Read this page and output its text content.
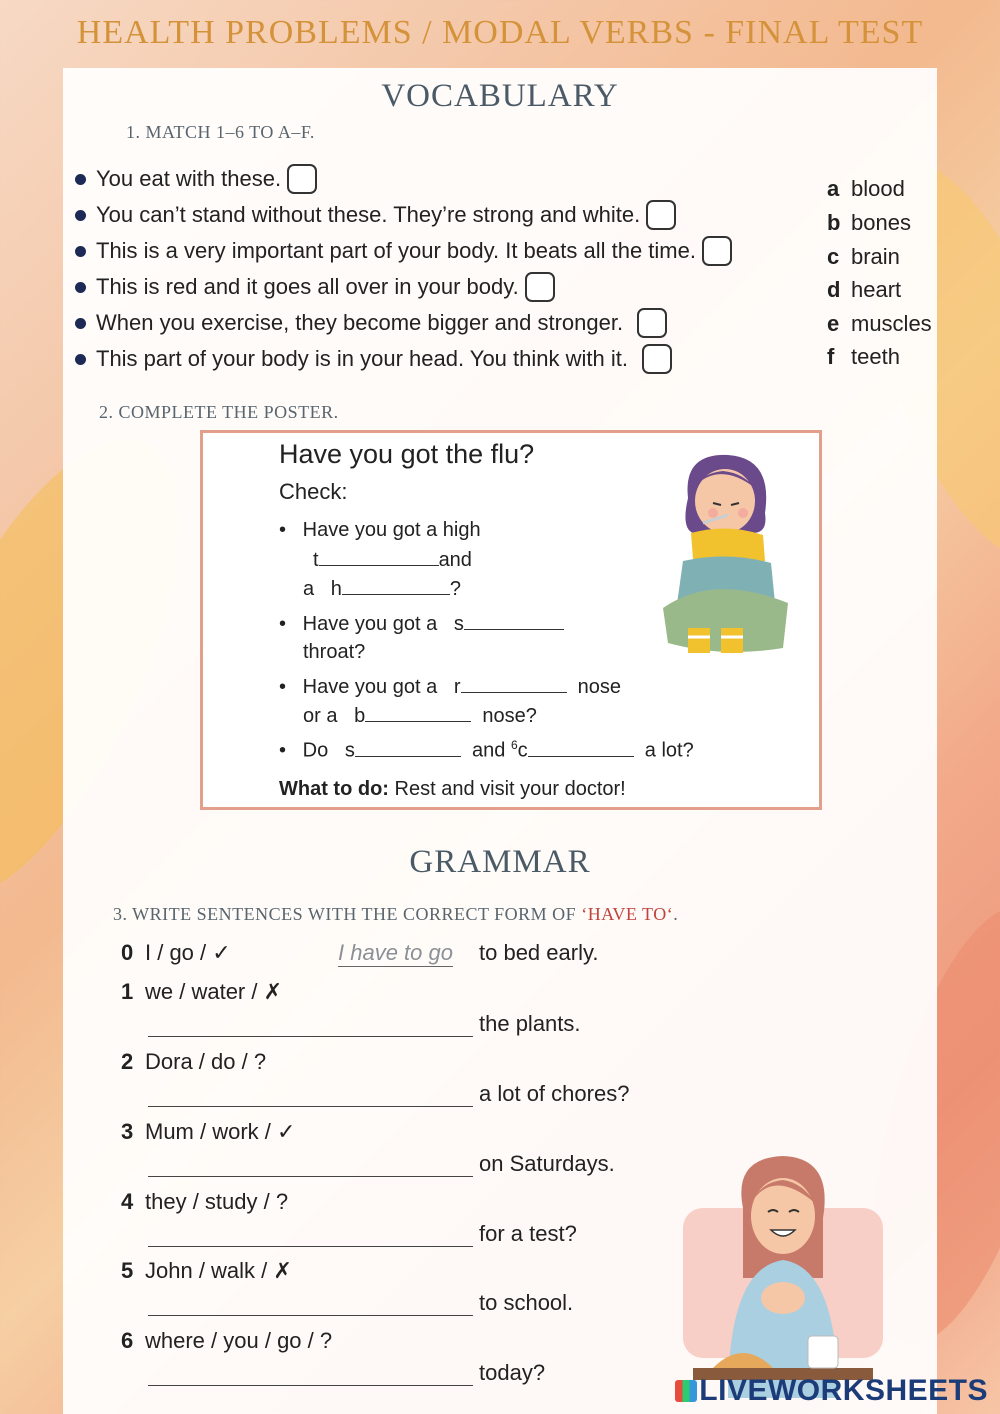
HEALTH PROBLEMS / MODAL VERBS - FINAL TEST
VOCABULARY
1. MATCH 1–6 TO A–F.
You eat with these.
You can’t stand without these. They’re strong and white.
This is a very important part of your body. It beats all the time.
This is red and it goes all over in your body.
When you exercise, they become bigger and stronger.
This part of your body is in your head. You think with it.
a blood
b bones
c brain
d heart
e muscles
f teeth
2. COMPLETE THE POSTER.
Have you got the flu?
Check:
•   Have you got a high
t	and
a h	?
•   Have you got a s
throat?
•   Have you got a r	nose
or a b	nose?
•   Do s	and $^6$c	a lot?
What to do: Rest and visit your doctor!
GRAMMAR
3. WRITE SENTENCES WITH THE CORRECT FORM OF ‘HAVE TO‘.
0 I / go / ✓	I have to go to bed early.
1 we / water / ✗
the plants.
2 Dora / do / ?
a lot of chores?
3 Mum / work / ✓
on Saturdays.
4 they / study / ?
for a test?
5 John / walk / ✗
to school.
6 where / you / go / ?
today?
LIVEWORKSHEETS
